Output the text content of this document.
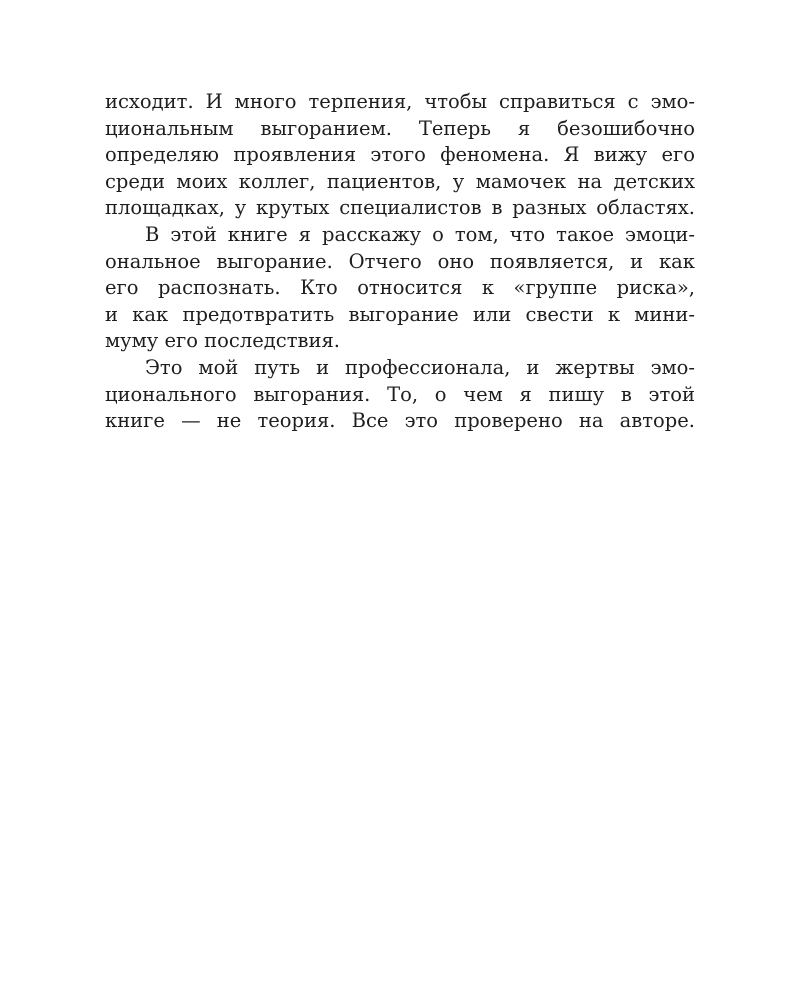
исходит. И много терпения, чтобы справиться с эмо-
циональным выгоранием. Теперь я безошибочно
определяю проявления этого феномена. Я вижу его
среди моих коллег, пациентов, у мамочек на детских
площадках, у крутых специалистов в разных областях.
В этой книге я расскажу о том, что такое эмоци-
ональное выгорание. Отчего оно появляется, и как
его распознать. Кто относится к «группе риска»,
и как предотвратить выгорание или свести к мини-
муму его последствия.
Это мой путь и профессионала, и жертвы эмо-
ционального выгорания. То, о чем я пишу в этой
книге — не теория. Все это проверено на авторе.
